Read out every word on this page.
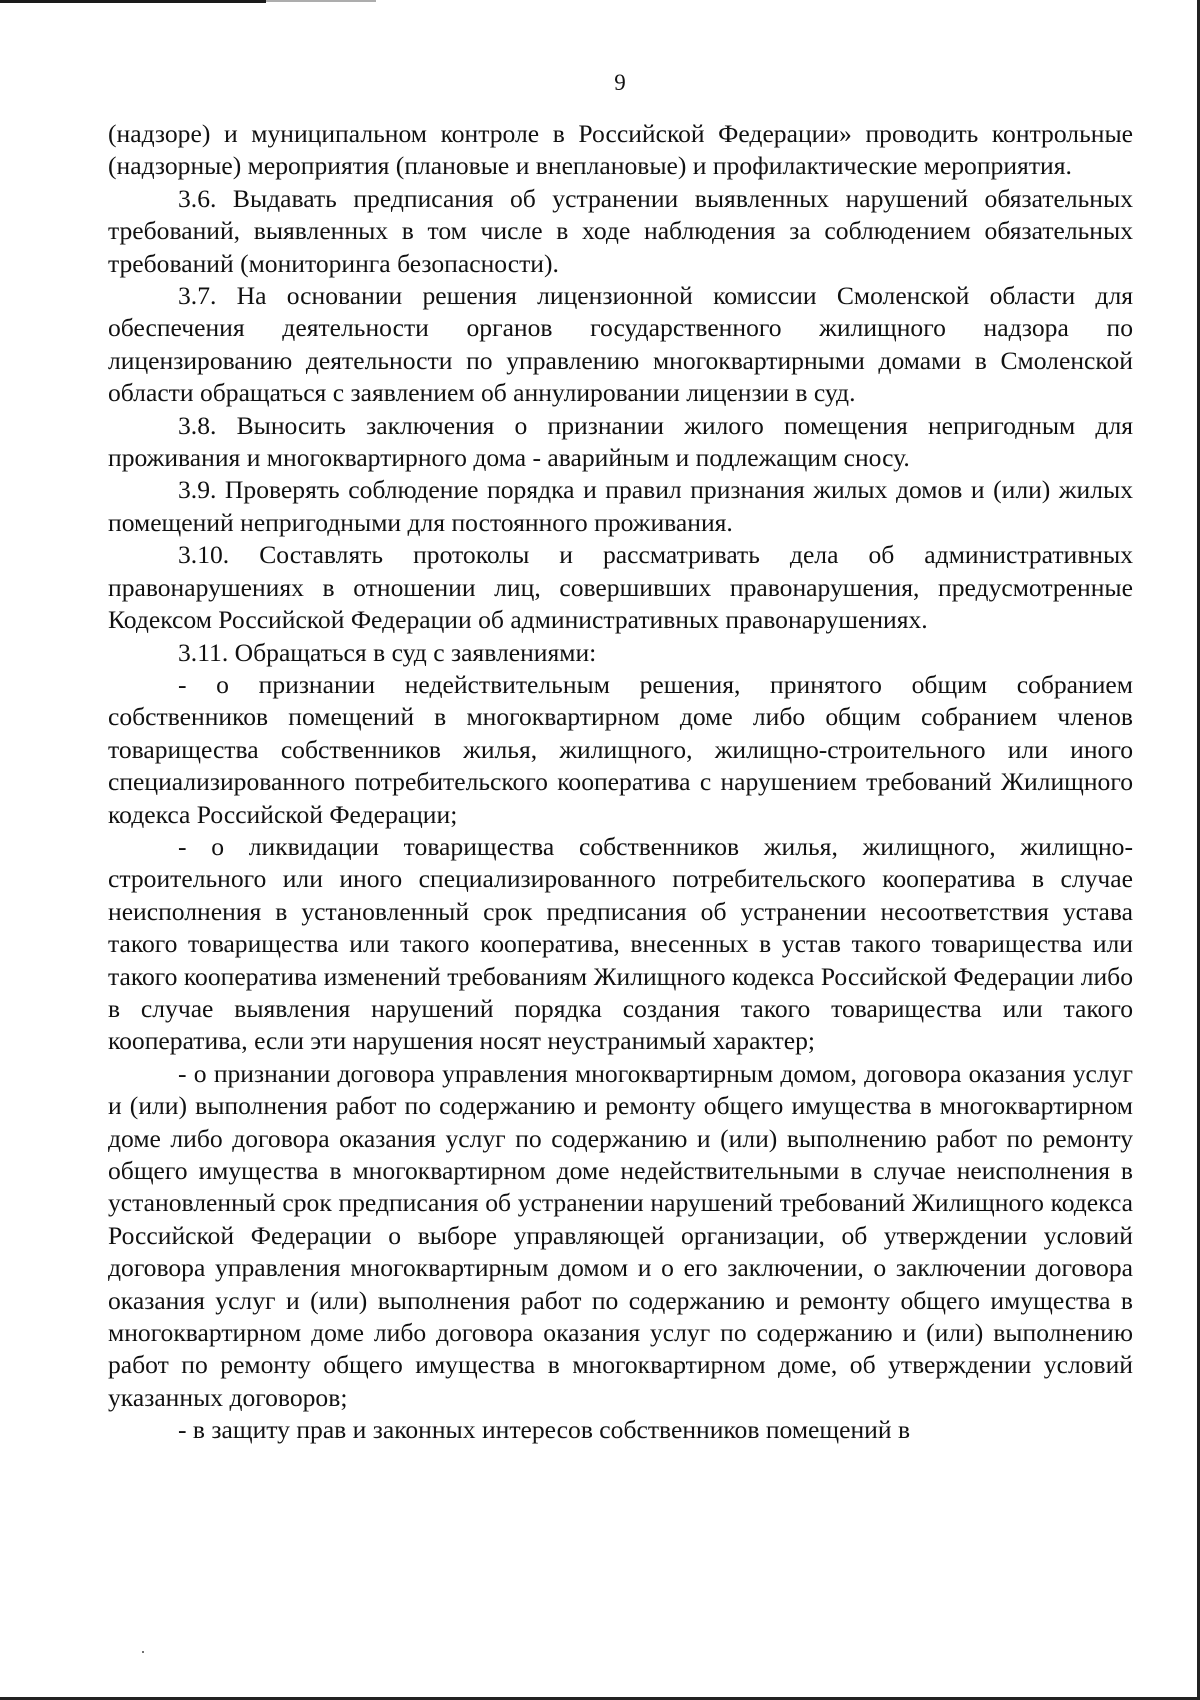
9

(надзоре) и муниципальном контроле в Российской Федерации» проводить контрольные (надзорные) мероприятия (плановые и внеплановые) и профилактические мероприятия.

3.6. Выдавать предписания об устранении выявленных нарушений обязательных требований, выявленных в том числе в ходе наблюдения за соблюдением обязательных требований (мониторинга безопасности).

3.7. На основании решения лицензионной комиссии Смоленской области для обеспечения деятельности органов государственного жилищного надзора по лицензированию деятельности по управлению многоквартирными домами в Смоленской области обращаться с заявлением об аннулировании лицензии в суд.

3.8. Выносить заключения о признании жилого помещения непригодным для проживания и многоквартирного дома - аварийным и подлежащим сносу.

3.9. Проверять соблюдение порядка и правил признания жилых домов и (или) жилых помещений непригодными для постоянного проживания.

3.10. Составлять протоколы и рассматривать дела об административных правонарушениях в отношении лиц, совершивших правонарушения, предусмотренные Кодексом Российской Федерации об административных правонарушениях.

3.11. Обращаться в суд с заявлениями:

- о признании недействительным решения, принятого общим собранием собственников помещений в многоквартирном доме либо общим собранием членов товарищества собственников жилья, жилищного, жилищно-строительного или иного специализированного потребительского кооператива с нарушением требований Жилищного кодекса Российской Федерации;

- о ликвидации товарищества собственников жилья, жилищного, жилищно-строительного или иного специализированного потребительского кооператива в случае неисполнения в установленный срок предписания об устранении несоответствия устава такого товарищества или такого кооператива, внесенных в устав такого товарищества или такого кооператива изменений требованиям Жилищного кодекса Российской Федерации либо в случае выявления нарушений порядка создания такого товарищества или такого кооператива, если эти нарушения носят неустранимый характер;

- о признании договора управления многоквартирным домом, договора оказания услуг и (или) выполнения работ по содержанию и ремонту общего имущества в многоквартирном доме либо договора оказания услуг по содержанию и (или) выполнению работ по ремонту общего имущества в многоквартирном доме недействительными в случае неисполнения в установленный срок предписания об устранении нарушений требований Жилищного кодекса Российской Федерации о выборе управляющей организации, об утверждении условий договора управления многоквартирным домом и о его заключении, о заключении договора оказания услуг и (или) выполнения работ по содержанию и ремонту общего имущества в многоквартирном доме либо договора оказания услуг по содержанию и (или) выполнению работ по ремонту общего имущества в многоквартирном доме, об утверждении условий указанных договоров;

- в защиту прав и законных интересов собственников помещений в
